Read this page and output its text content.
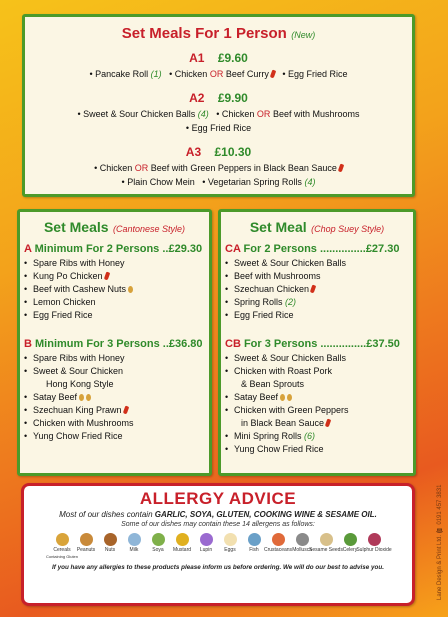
Set Meals For 1 Person (New)
A1 £9.60
• Pancake Roll (1)   • Chicken OR Beef Curry   • Egg Fried Rice
A2 £9.90
• Sweet & Sour Chicken Balls (4)   • Chicken OR Beef with Mushrooms
• Egg Fried Rice
A3 £10.30
• Chicken OR Beef with Green Peppers in Black Bean Sauce
• Plain Chow Mein   • Vegetarian Spring Rolls (4)
Set Meals (Cantonese Style)
A Minimum For 2 Persons ..£29.30
• Spare Ribs with Honey
• Kung Po Chicken
• Beef with Cashew Nuts
• Lemon Chicken
• Egg Fried Rice
B Minimum For 3 Persons ..£36.80
• Spare Ribs with Honey
• Sweet & Sour Chicken
Hong Kong Style
• Satay Beef
• Szechuan King Prawn
• Chicken with Mushrooms
• Yung Chow Fried Rice
Set Meal (Chop Suey Style)
CA For 2 Persons ...............£27.30
• Sweet & Sour Chicken Balls
• Beef with Mushrooms
• Szechuan Chicken
• Spring Rolls (2)
• Egg Fried Rice
CB For 3 Persons ...............£37.50
• Sweet & Sour Chicken Balls
• Chicken with Roast Pork
& Bean Sprouts
• Satay Beef
• Chicken with Green Peppers
in Black Bean Sauce
• Mini Spring Rolls (6)
• Yung Chow Fried Rice
ALLERGY ADVICE
Most of our dishes contain GARLIC, SOYA, GLUTEN, COOKING WINE & SESAME OIL.
Some of our dishes may contain these 14 allergens as follows:
Cereals
Containing Gluten
Peanuts Nuts	Milk	Soya Mustard Lupin Eggs	Fish Crustaceans Molluscs
Sesame Seeds Celery Sulphur Dioxide
If you have any allergies to these products please inform us before ordering. We will do our best to advise you.	Lane Design & Print Ltd. ☎ 0191 457 3831
